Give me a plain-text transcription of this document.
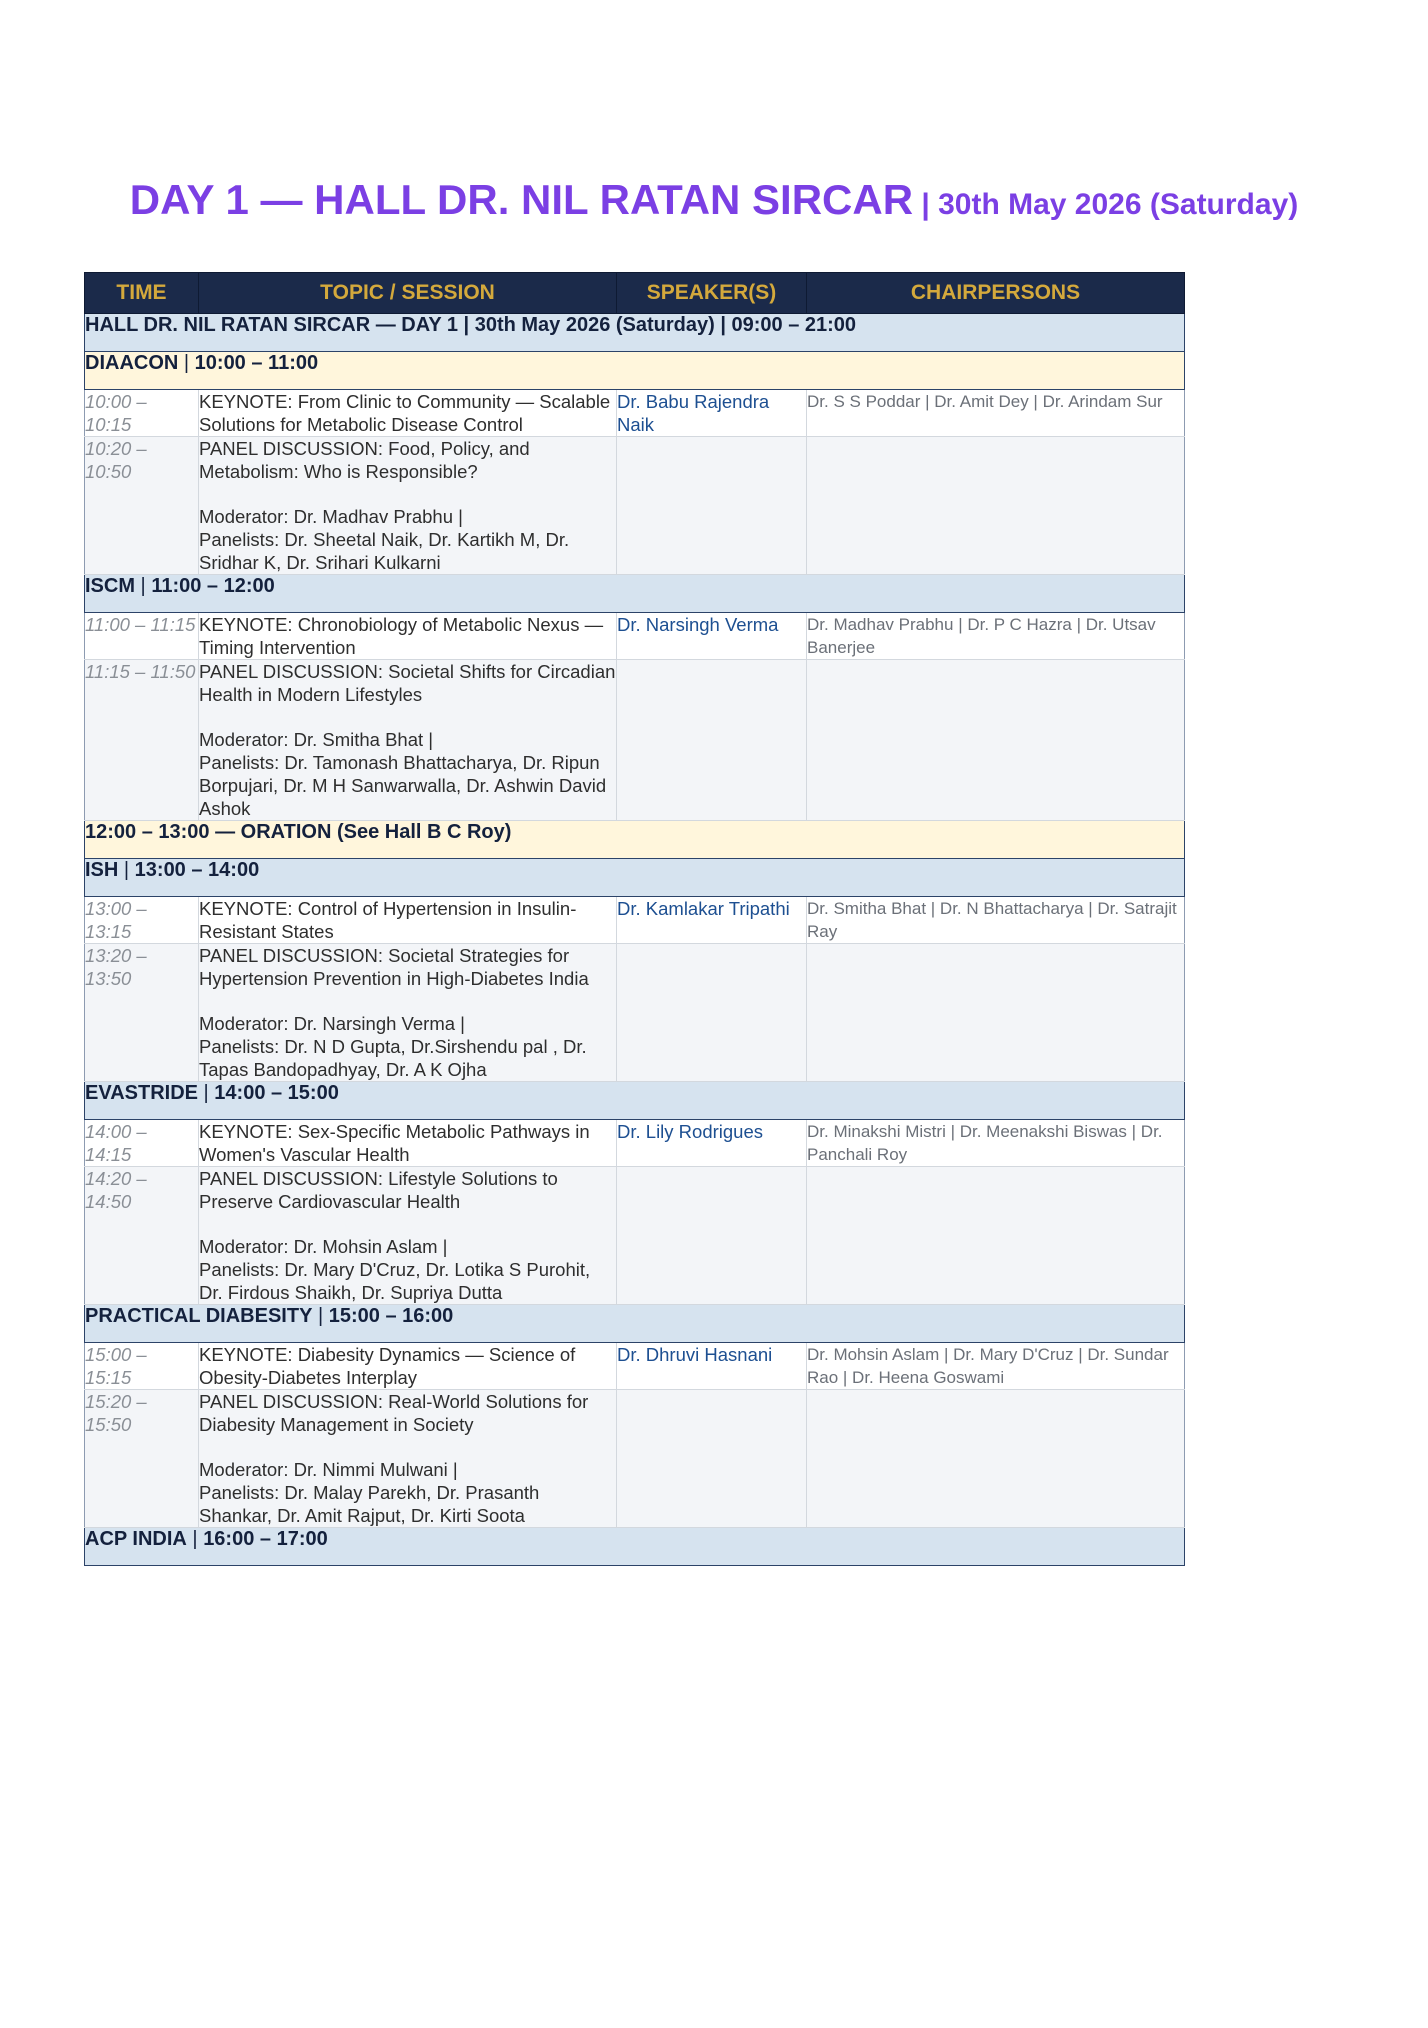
DAY 1 — HALL DR. NIL RATAN SIRCAR | 30th May 2026 (Saturday)
TIME	TOPIC / SESSION	SPEAKER(S)	CHAIRPERSONS
HALL DR. NIL RATAN SIRCAR — DAY 1 | 30th May 2026 (Saturday) | 09:00 – 21:00			
DIAACON | 10:00 – 11:00			
10:00 – 10:15	KEYNOTE: From Clinic to Community — Scalable Solutions for Metabolic Disease Control	Dr. Babu Rajendra Naik	Dr. S S Poddar | Dr. Amit Dey | Dr. Arindam Sur
10:20 – 10:50	PANEL DISCUSSION: Food, Policy, and Metabolism: Who is Responsible?
Moderator: Dr. Madhav Prabhu |
Panelists: Dr. Sheetal Naik, Dr. Kartikh M, Dr. Sridhar K, Dr. Srihari Kulkarni		

ISCM | 11:00 – 12:00			
11:00 – 11:15	KEYNOTE: Chronobiology of Metabolic Nexus — Timing Intervention	Dr. Narsingh Verma	Dr. Madhav Prabhu | Dr. P C Hazra | Dr. Utsav Banerjee
11:15 – 11:50	PANEL DISCUSSION: Societal Shifts for Circadian Health in Modern Lifestyles
Moderator: Dr. Smitha Bhat |
Panelists: Dr. Tamonash Bhattacharya, Dr. Ripun Borpujari, Dr. M H Sanwarwalla, Dr. Ashwin David Ashok		

12:00 – 13:00 — ORATION (See Hall B C Roy)			
ISH | 13:00 – 14:00			
13:00 – 13:15	KEYNOTE: Control of Hypertension in Insulin-Resistant States	Dr. Kamlakar Tripathi	Dr. Smitha Bhat | Dr. N Bhattacharya | Dr. Satrajit Ray
13:20 – 13:50	PANEL DISCUSSION: Societal Strategies for Hypertension Prevention in High-Diabetes India
Moderator: Dr. Narsingh Verma |
Panelists: Dr. N D Gupta, Dr.Sirshendu pal , Dr. Tapas Bandopadhyay, Dr. A K Ojha		

EVASTRIDE | 14:00 – 15:00			
14:00 – 14:15	KEYNOTE: Sex-Specific Metabolic Pathways in Women's Vascular Health	Dr. Lily Rodrigues	Dr. Minakshi Mistri | Dr. Meenakshi Biswas | Dr. Panchali Roy
14:20 – 14:50	PANEL DISCUSSION: Lifestyle Solutions to Preserve Cardiovascular Health
Moderator: Dr. Mohsin Aslam |
Panelists: Dr. Mary D'Cruz, Dr. Lotika S Purohit, Dr. Firdous Shaikh, Dr. Supriya Dutta		

PRACTICAL DIABESITY | 15:00 – 16:00			
15:00 – 15:15	KEYNOTE: Diabesity Dynamics — Science of Obesity-Diabetes Interplay	Dr. Dhruvi Hasnani	Dr. Mohsin Aslam | Dr. Mary D'Cruz | Dr. Sundar Rao | Dr. Heena Goswami
15:20 – 15:50	PANEL DISCUSSION: Real-World Solutions for Diabesity Management in Society
Moderator: Dr. Nimmi Mulwani |
Panelists: Dr. Malay Parekh, Dr. Prasanth Shankar, Dr. Amit Rajput, Dr. Kirti Soota		

ACP INDIA | 16:00 – 17:00			
